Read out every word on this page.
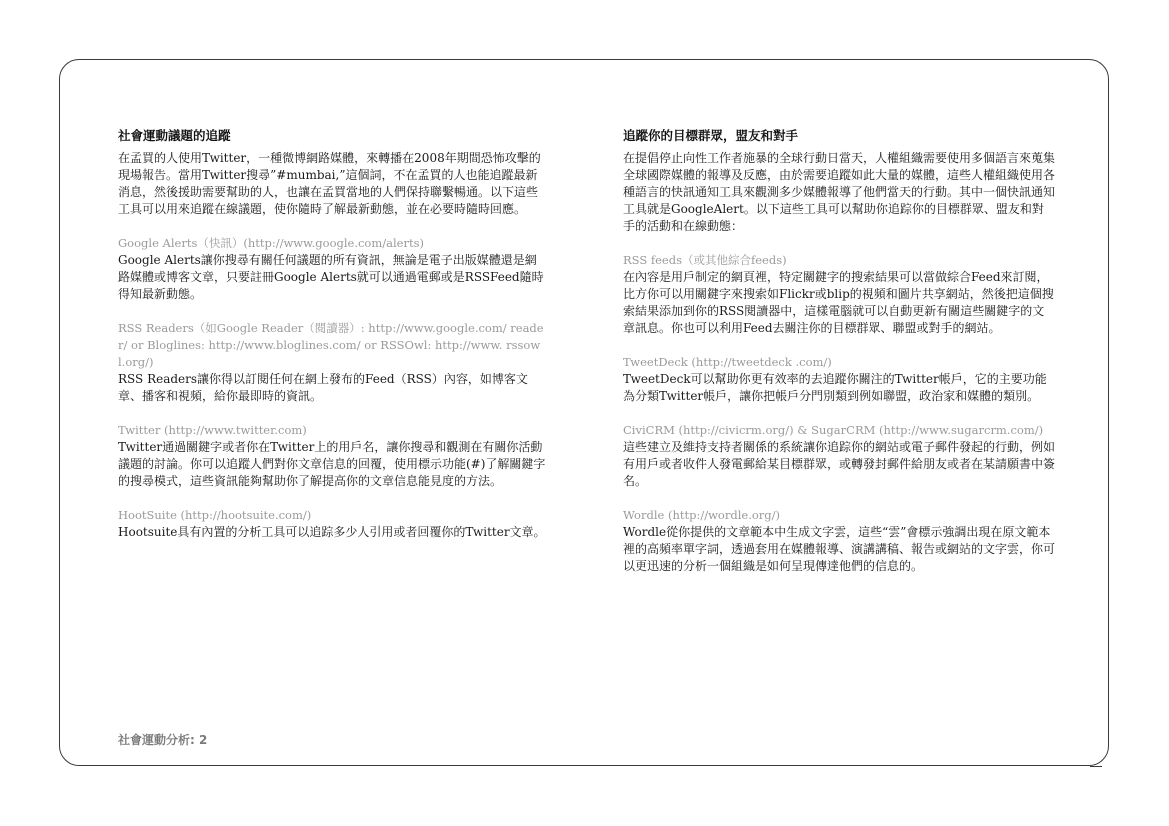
社會運動議題的追蹤

在孟買的人使用Twitter，一種微博網路媒體，來轉播在2008年期間恐怖攻擊的現場報告。當用Twitter搜尋”#mumbai,”這個詞，不在孟買的人也能追蹤最新消息，然後援助需要幫助的人，也讓在孟買當地的人們保持聯繫暢通。以下這些工具可以用來追蹤在線議題，使你隨時了解最新動態，並在必要時隨時回應。

Google Alerts（快訊）(http://www.google.com/alerts)

Google Alerts讓你搜尋有關任何議題的所有資訊，無論是電子出版媒體還是網路媒體或博客文章，只要註冊Google Alerts就可以通過電郵或是RSSFeed隨時得知最新動態。

RSS Readers（如Google Reader（閱讀器）: http://www.google.com/ reader/ or Bloglines: http://www.bloglines.com/ or RSSOwl: http://www. rssowl.org/)

RSS Readers讓你得以訂閱任何在網上發布的Feed（RSS）內容，如博客文章、播客和視頻，給你最即時的資訊。

Twitter (http://www.twitter.com)

Twitter通過關鍵字或者你在Twitter上的用戶名，讓你搜尋和觀測在有關你活動議題的討論。你可以追蹤人們對你文章信息的回覆，使用標示功能(#)了解關鍵字的搜尋模式，這些資訊能夠幫助你了解提高你的文章信息能見度的方法。

HootSuite (http://hootsuite.com/)

Hootsuite具有內置的分析工具可以追踪多少人引用或者回覆你的Twitter文章。

追蹤你的目標群眾，盟友和對手

在提倡停止向性工作者施暴的全球行動日當天，人權組織需要使用多個語言來蒐集全球國際媒體的報導及反應，由於需要追蹤如此大量的媒體，這些人權組織使用各種語言的快訊通知工具來觀測多少媒體報導了他們當天的行動。其中一個快訊通知工具就是GoogleAlert。以下這些工具可以幫助你追踪你的目標群眾、盟友和對手的活動和在線動態：

RSS feeds（或其他綜合feeds)

在內容是用戶制定的網頁裡，特定關鍵字的搜索結果可以當做綜合Feed來訂閱，比方你可以用關鍵字來搜索如Flickr或blip的視頻和圖片共享網站，然後把這個搜索結果添加到你的RSS閱讀器中，這樣電腦就可以自動更新有關這些關鍵字的文章訊息。你也可以利用Feed去關注你的目標群眾、聯盟或對手的網站。

TweetDeck (http://tweetdeck .com/)

TweetDeck可以幫助你更有效率的去追蹤你關注的Twitter帳戶，它的主要功能為分類Twitter帳戶，讓你把帳戶分門別類到例如聯盟，政治家和媒體的類別。

CiviCRM (http://civicrm.org/) & SugarCRM (http://www.sugarcrm.com/)

這些建立及維持支持者關係的系統讓你追踪你的網站或電子郵件發起的行動，例如有用戶或者收件人發電郵給某目標群眾，或轉發封郵件給朋友或者在某請願書中簽名。

Wordle (http://wordle.org/)

Wordle從你提供的文章範本中生成文字雲，這些“雲”會標示強調出現在原文範本裡的高頻率單字詞，透過套用在媒體報導、演講講稿、報告或網站的文字雲，你可以更迅速的分析一個組織是如何呈現傳達他們的信息的。

社會運動分析: 2
